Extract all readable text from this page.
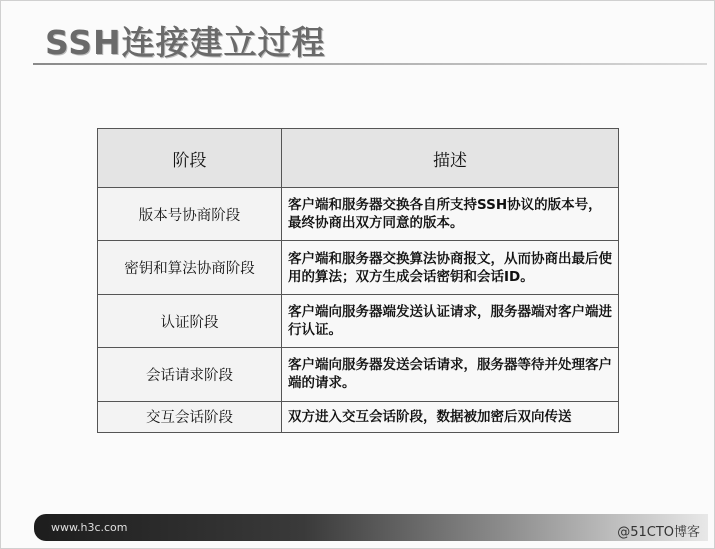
SSH连接建立过程
阶段	描述
版本号协商阶段	客户端和服务器交换各自所支持SSH协议的版本号，最终协商出双方同意的版本。
密钥和算法协商阶段	客户端和服务器交换算法协商报文，从而协商出最后使用的算法；双方生成会话密钥和会话ID。
认证阶段	客户端向服务器端发送认证请求，服务器端对客户端进行认证。
会话请求阶段	客户端向服务器发送会话请求，服务器等待并处理客户端的请求。
交互会话阶段	双方进入交互会话阶段，数据被加密后双向传送
www.h3c.com	@51CTO博客
